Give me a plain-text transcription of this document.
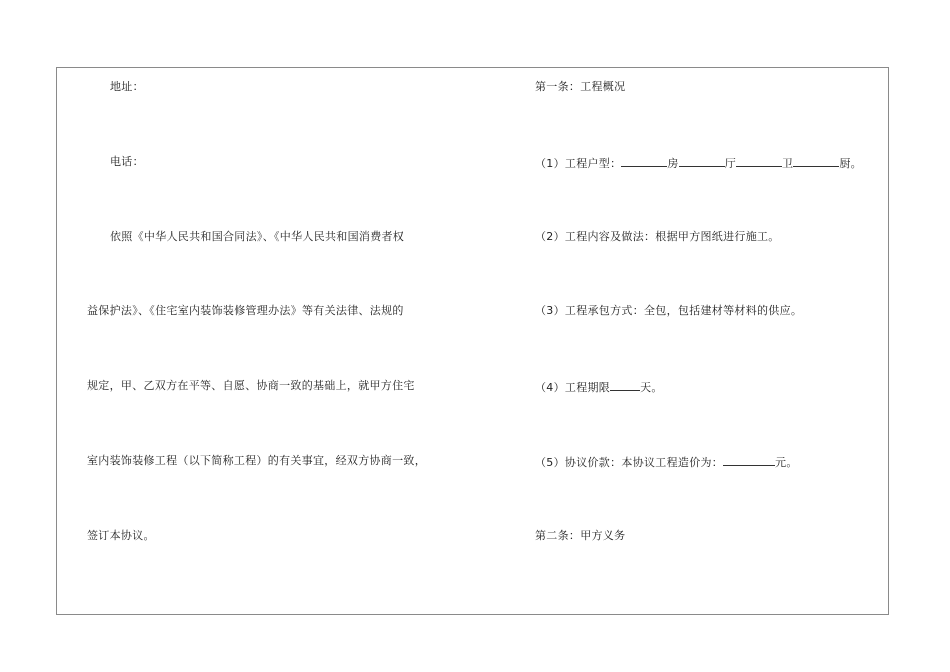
地址：
电话：
依照《中华人民共和国合同法》、《中华人民共和国消费者权
益保护法》、《住宅室内装饰装修管理办法》等有关法律、法规的
规定，甲、乙双方在平等、自愿、协商一致的基础上，就甲方住宅
室内装饰装修工程（以下简称工程）的有关事宜，经双方协商一致，
签订本协议。
第一条：工程概况
（1）工程户型：	房	厅	卫	厨。
（2）工程内容及做法：根据甲方图纸进行施工。
（3）工程承包方式：全包，包括建材等材料的供应。
（4）工程期限	天。
（5）协议价款：本协议工程造价为：	元。
第二条：甲方义务
